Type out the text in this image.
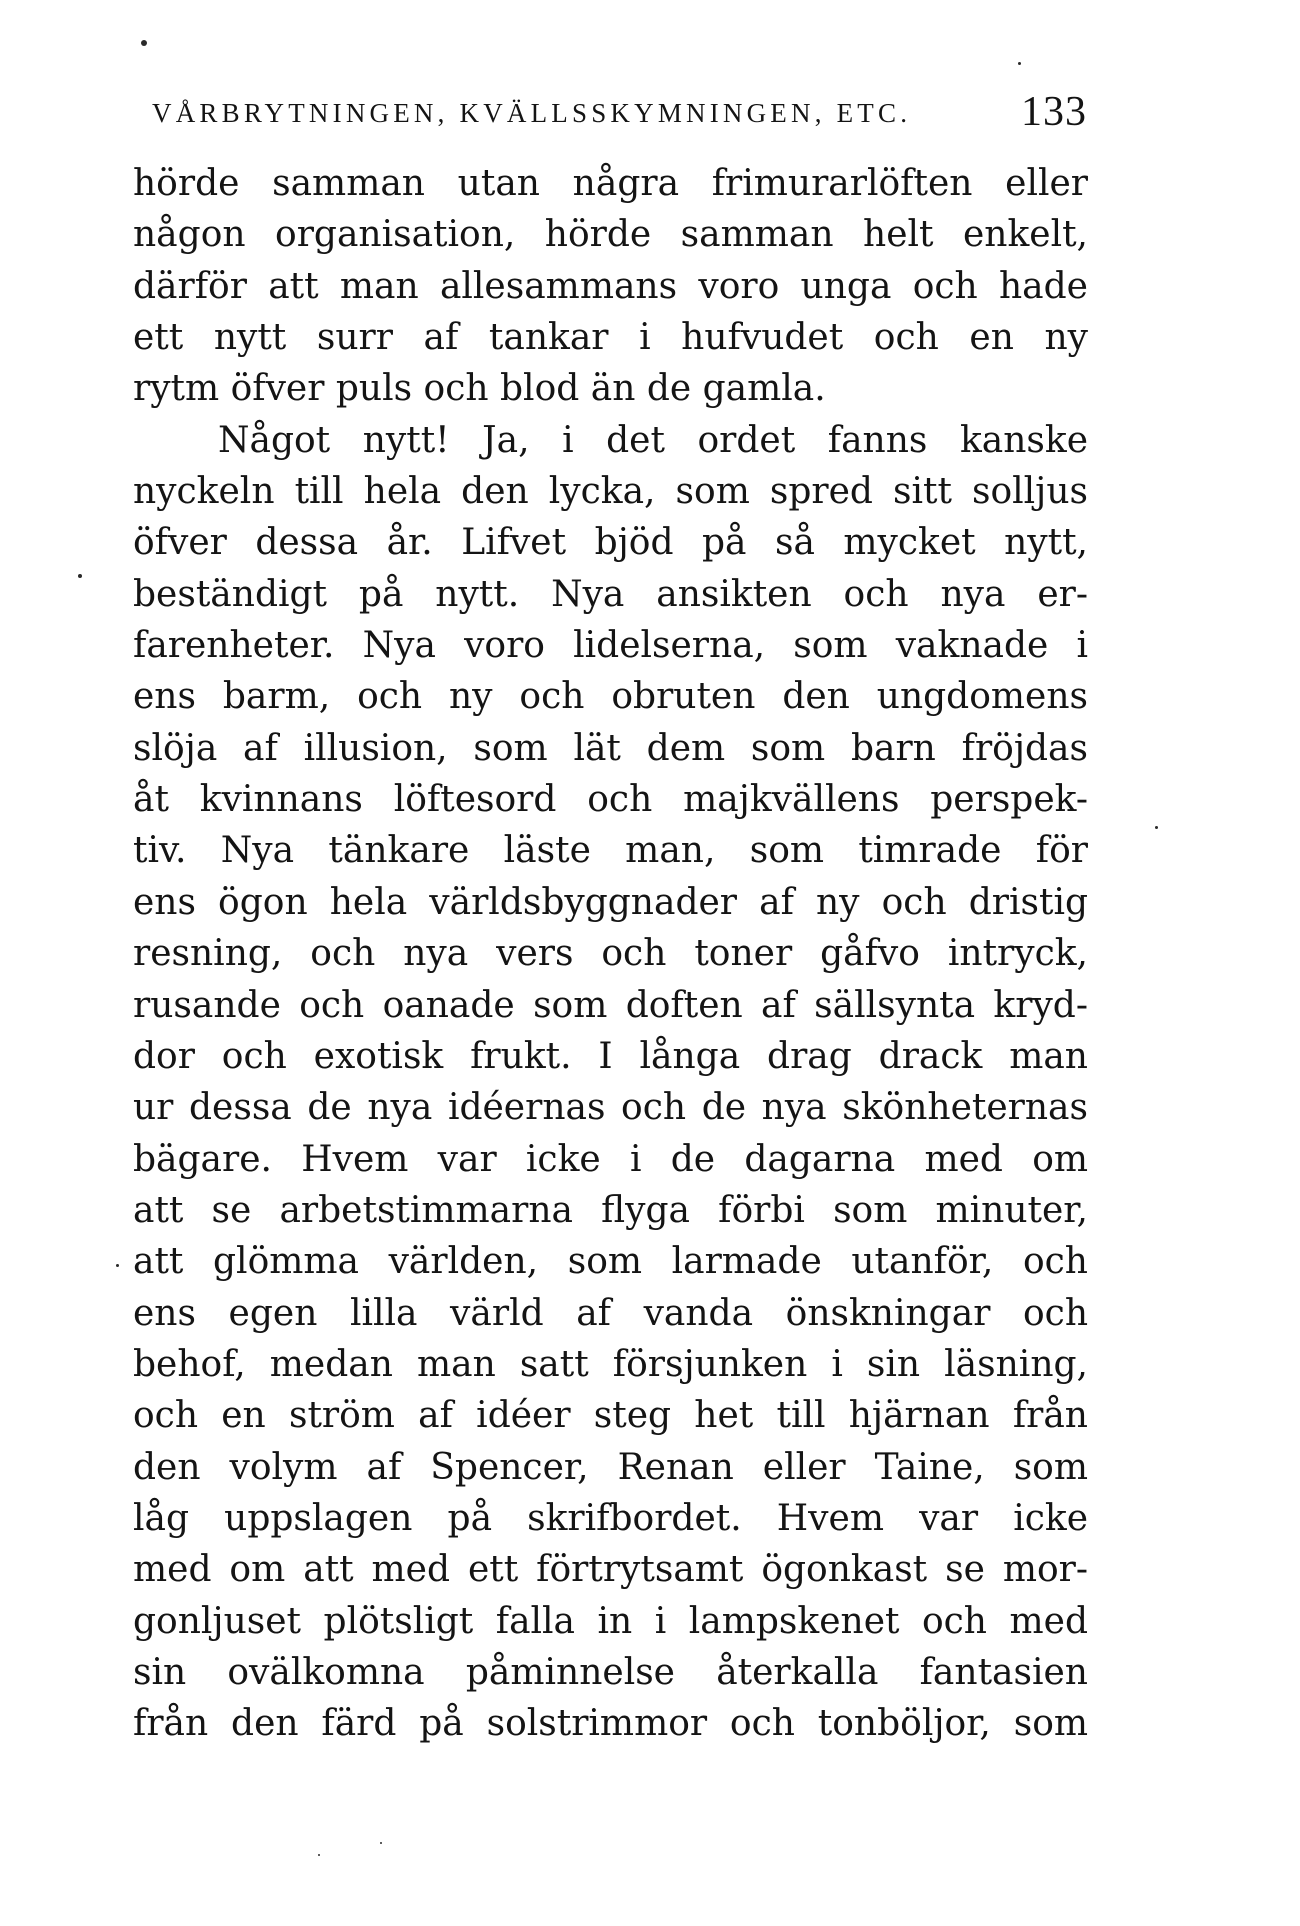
VÅRBRYTNINGEN, KVÄLLSSKYMNINGEN, ETC.	133
hörde samman utan några frimurarlöften eller
någon organisation, hörde samman helt enkelt,
därför att man allesammans voro unga och hade
ett nytt surr af tankar i hufvudet och en ny
rytm öfver puls och blod än de gamla.
Något nytt! Ja, i det ordet fanns kanske
nyckeln till hela den lycka, som spred sitt solljus
öfver dessa år. Lifvet bjöd på så mycket nytt,
beständigt på nytt. Nya ansikten och nya er-
farenheter. Nya voro lidelserna, som vaknade i
ens barm, och ny och obruten den ungdomens
slöja af illusion, som lät dem som barn fröjdas
åt kvinnans löftesord och majkvällens perspek-
tiv. Nya tänkare läste man, som timrade för
ens ögon hela världsbyggnader af ny och dristig
resning, och nya vers och toner gåfvo intryck,
rusande och oanade som doften af sällsynta kryd-
dor och exotisk frukt. I långa drag drack man
ur dessa de nya idéernas och de nya skönheternas
bägare. Hvem var icke i de dagarna med om
att se arbetstimmarna flyga förbi som minuter,
att glömma världen, som larmade utanför, och
ens egen lilla värld af vanda önskningar och
behof, medan man satt försjunken i sin läsning,
och en ström af idéer steg het till hjärnan från
den volym af Spencer, Renan eller Taine, som
låg uppslagen på skrifbordet. Hvem var icke
med om att med ett förtrytsamt ögonkast se mor-
gonljuset plötsligt falla in i lampskenet och med
sin ovälkomna påminnelse återkalla fantasien
från den färd på solstrimmor och tonböljor, som
